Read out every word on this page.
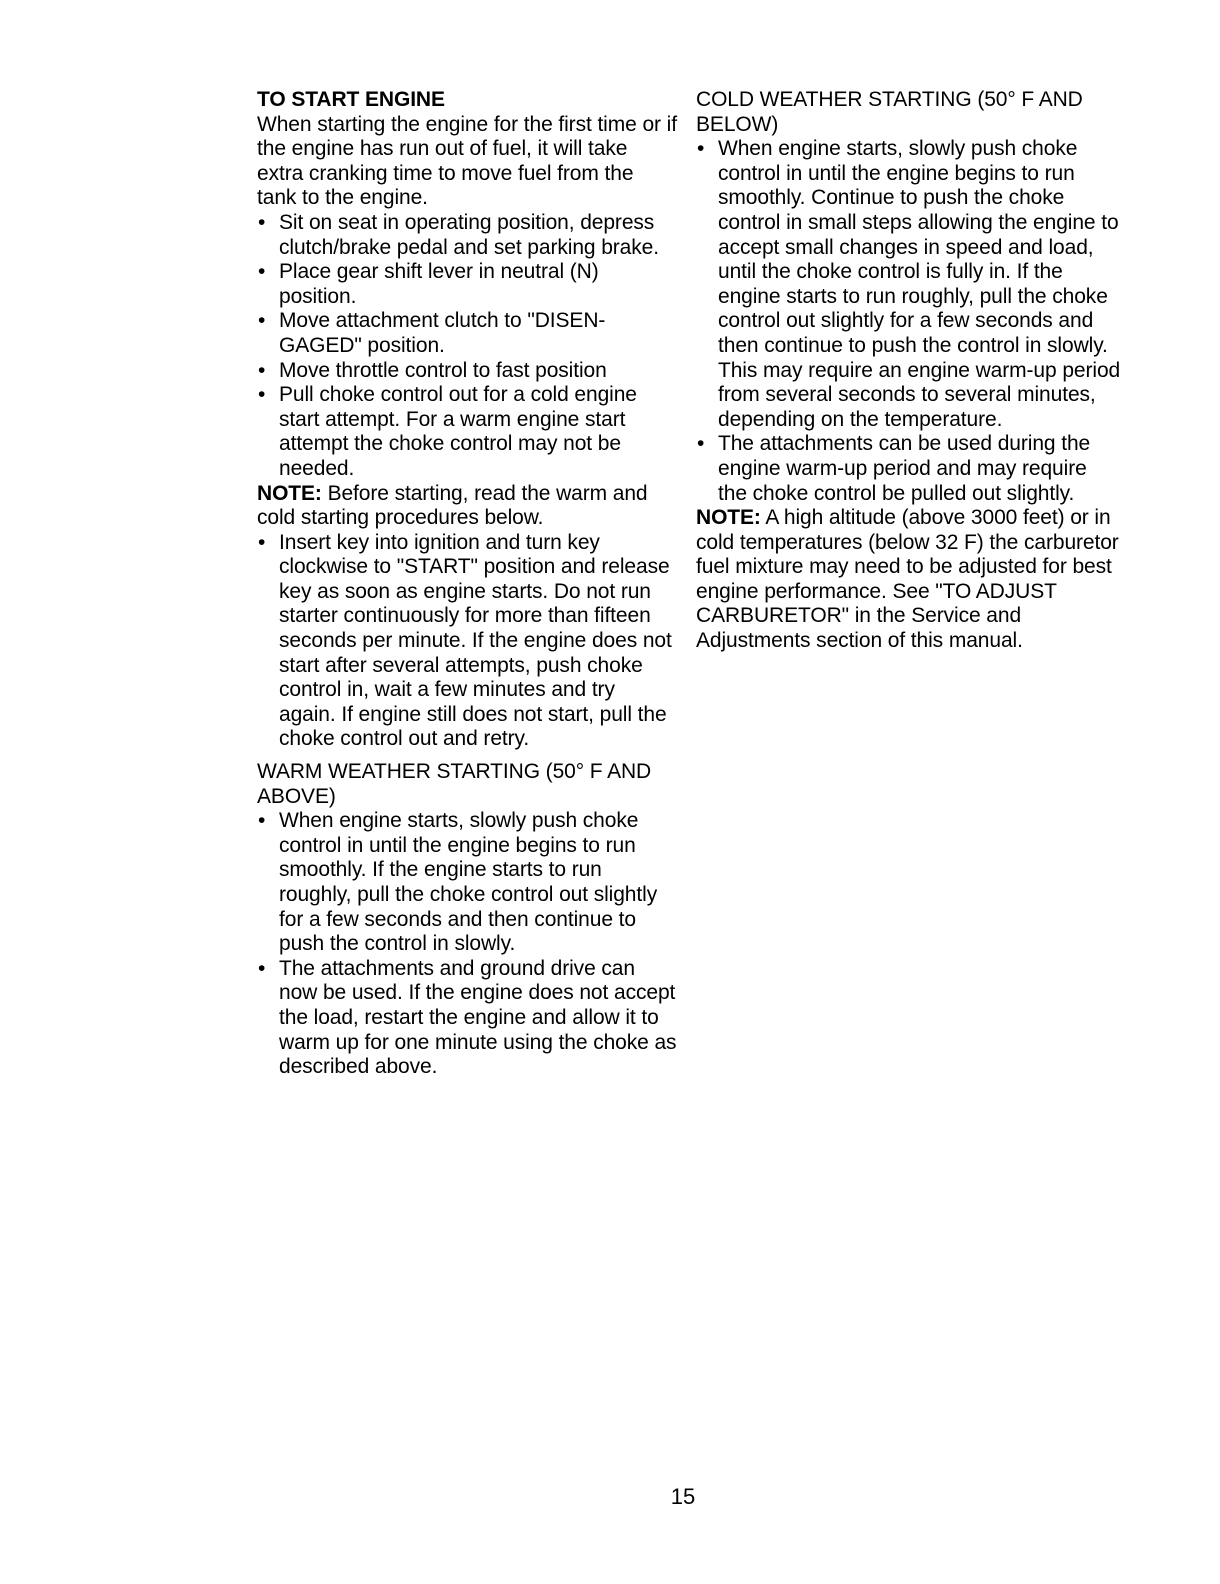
TO START ENGINE

When starting the engine for the first time or if the engine has run out of fuel, it will take extra cranking time to move fuel from the tank to the engine.

• Sit on seat in operating position, depress clutch/brake pedal and set parking brake.
• Place gear shift lever in neutral (N) position.
• Move attachment clutch to "DISEN-GAGED" position.
• Move throttle control to fast position
• Pull choke control out for a cold engine start attempt. For a warm engine start attempt the choke control may not be needed.

NOTE: Before starting, read the warm and cold starting procedures below.

• Insert key into ignition and turn key clockwise to "START" position and release key as soon as engine starts. Do not run starter continuously for more than fifteen seconds per minute. If the engine does not start after several attempts, push choke control in, wait a few minutes and try again. If engine still does not start, pull the choke control out and retry.
WARM WEATHER STARTING (50° F AND ABOVE)
• When engine starts, slowly push choke control in until the engine begins to run smoothly. If the engine starts to run roughly, pull the choke control out slightly for a few seconds and then continue to push the control in slowly.
• The attachments and ground drive can now be used. If the engine does not accept the load, restart the engine and allow it to warm up for one minute using the choke as described above.
COLD WEATHER STARTING (50° F AND BELOW)
• When engine starts, slowly push choke control in until the engine begins to run smoothly. Continue to push the choke control in small steps allowing the engine to accept small changes in speed and load, until the choke control is fully in. If the engine starts to run roughly, pull the choke control out slightly for a few seconds and then continue to push the control in slowly. This may require an engine warm-up period from several seconds to several minutes, depending on the temperature.
• The attachments can be used during the engine warm-up period and may require the choke control be pulled out slightly.

NOTE: A high altitude (above 3000 feet) or in cold temperatures (below 32 F) the carburetor fuel mixture may need to be adjusted for best engine performance. See "TO ADJUST CARBURETOR" in the Service and Adjustments section of this manual.

15
